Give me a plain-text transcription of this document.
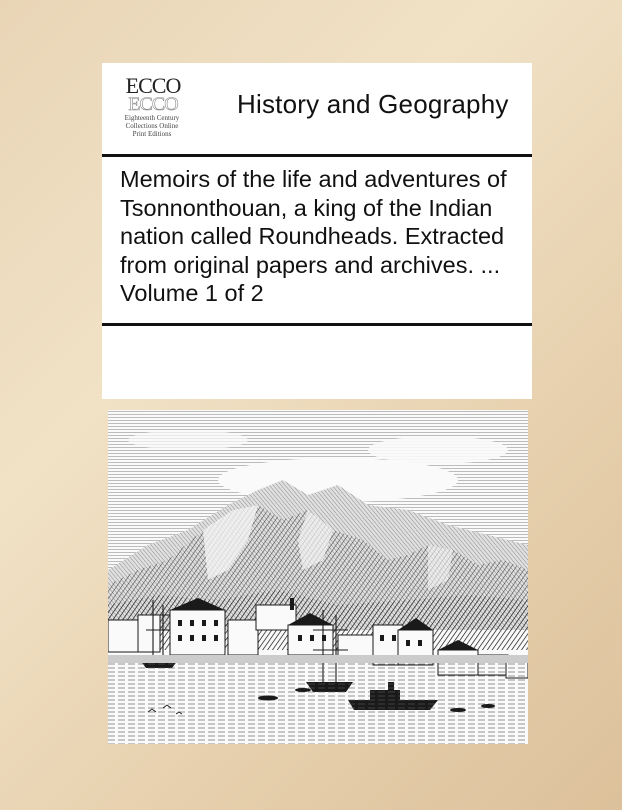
ECCO
ECCO
Eighteenth Century
Collections Online
Print Editions
History and Geography
Memoirs of the life and adventures of Tsonnonthouan, a king of the Indian nation called Roundheads. Extracted from original papers and archives. ... Volume 1 of 2
